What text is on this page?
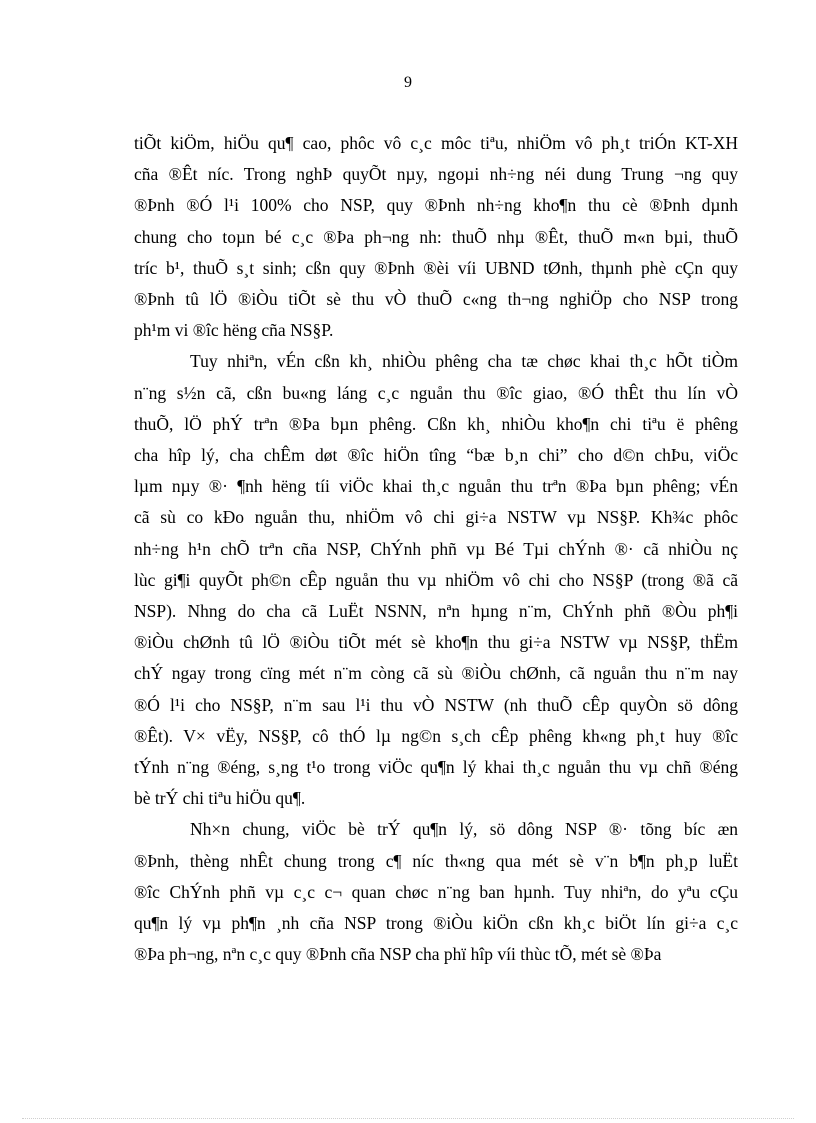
9

tiÕt kiÖm, hiÖu qu¶ cao, phôc vô c¸c môc tiªu, nhiÖm vô ph¸t triÓn KT-XH
cña ®Êt níc. Trong nghÞ quyÕt nµy, ngoµi nh÷ng néi dung Trung ¬ng quy
®Þnh ®Ó l¹i 100% cho NSP, quy ®Þnh nh÷ng kho¶n thu cè ®Þnh dµnh
chung cho toµn bé c¸c ®Þa ph¬ng nh: thuÕ nhµ ®Êt, thuÕ m«n bµi, thuÕ
tríc b¹, thuÕ s¸t sinh; cßn quy ®Þnh ®èi víi UBND tØnh, thµnh phè cÇn quy
®Þnh tû lÖ ®iÒu tiÕt sè thu vÒ thuÕ c«ng th¬ng nghiÖp cho NSP trong
ph¹m vi ®îc hëng cña NS§P.

Tuy nhiªn, vÉn cßn kh¸ nhiÒu phêng cha tæ chøc khai th¸c hÕt tiÒm
n¨ng s½n cã, cßn bu«ng láng c¸c nguån thu ®îc giao, ®Ó thÊt thu lín vÒ
thuÕ, lÖ phÝ trªn ®Þa bµn phêng. Cßn kh¸ nhiÒu kho¶n chi tiªu ë phêng
cha hîp lý, cha chÊm døt ®îc hiÖn tîng “bæ b¸n chi” cho d©n chÞu, viÖc
lµm nµy ®· ¶nh hëng tíi viÖc khai th¸c nguån thu trªn ®Þa bµn phêng; vÉn
cã sù co kÐo nguån thu, nhiÖm vô chi gi÷a NSTW vµ NS§P. Kh¾c phôc
nh÷ng h¹n chÕ trªn cña NSP, ChÝnh phñ vµ Bé Tµi chÝnh ®· cã nhiÒu nç
lùc gi¶i quyÕt ph©n cÊp nguån thu vµ nhiÖm vô chi cho NS§P (trong ®ã cã
NSP). Nhng do cha cã LuËt NSNN, nªn hµng n¨m, ChÝnh phñ ®Òu ph¶i
®iÒu chØnh tû lÖ ®iÒu tiÕt mét sè kho¶n thu gi÷a NSTW vµ NS§P, thËm
chÝ ngay trong cïng mét n¨m còng cã sù ®iÒu chØnh, cã nguån thu n¨m nay
®Ó l¹i cho NS§P, n¨m sau l¹i thu vÒ NSTW (nh thuÕ cÊp quyÒn sö dông
®Êt). V× vËy, NS§P, cô thÓ lµ ng©n s¸ch cÊp phêng kh«ng ph¸t huy ®îc
tÝnh n¨ng ®éng, s¸ng t¹o trong viÖc qu¶n lý khai th¸c nguån thu vµ chñ ®éng
bè trÝ chi tiªu hiÖu qu¶.

Nh×n chung, viÖc bè trÝ qu¶n lý, sö dông NSP ®· tõng bíc æn
®Þnh, thèng nhÊt chung trong c¶ níc th«ng qua mét sè v¨n b¶n ph¸p luËt
®îc ChÝnh phñ vµ c¸c c¬ quan chøc n¨ng ban hµnh. Tuy nhiªn, do yªu cÇu
qu¶n lý vµ ph¶n ¸nh cña NSP trong ®iÒu kiÖn cßn kh¸c biÖt lín gi÷a c¸c
®Þa ph¬ng, nªn c¸c quy ®Þnh cña NSP cha phï hîp víi thùc tÕ, mét sè ®Þa
